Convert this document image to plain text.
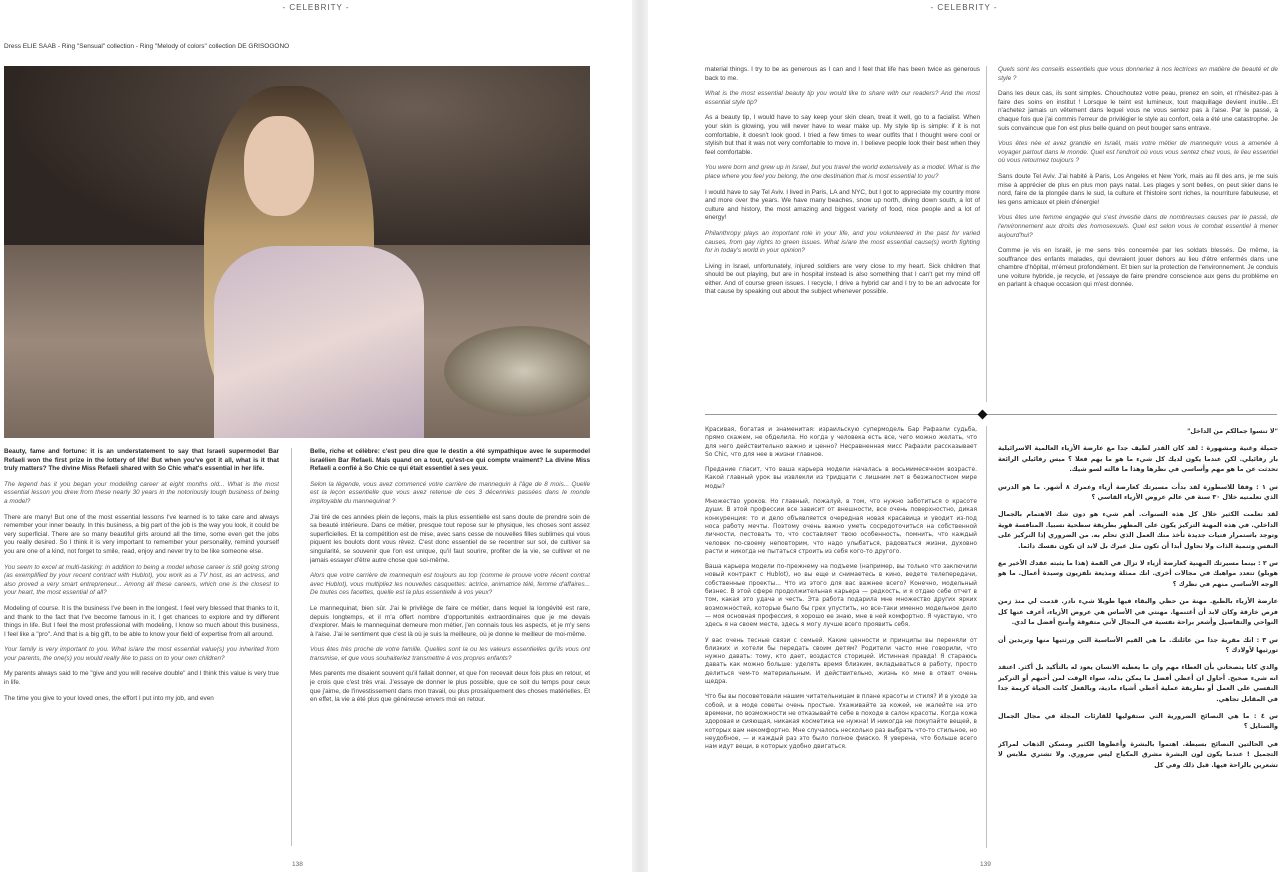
- CELEBRITY -
Dress ELIE SAAB - Ring "Sensual" collection - Ring "Melody of colors" collection DE GRISOGONO

Beauty, fame and fortune: it is an understatement to say that Israeli supermodel Bar Refaeli won the first prize in the lottery of life! But when you've got it all, what is it that truly matters? The divine Miss Refaeli shared with So Chic what's essential in her life.

The legend has it you began your modelling career at eight months old... What is the most essential lesson you drew from these nearly 30 years in the notoriously tough business of being a model?

There are many! But one of the most essential lessons I've learned is to take care and always remember your inner beauty. In this business, a big part of the job is the way you look, it could be very superficial. There are so many beautiful girls around all the time, some even get the jobs you really desired. So I think it is very important to remember your personality, remind yourself you are one of a kind, not forget to smile, read, enjoy and never try to be like someone else.

You seem to excel at multi-tasking: in addition to being a model whose career is still going strong (as exemplified by your recent contract with Hublot), you work as a TV host, as an actress, and also proved a very smart entrepreneur... Among all these careers, which one is the closest to your heart, the most essential of all?

Modeling of course. It is the business I've been in the longest. I feel very blessed that thanks to it, and thank to the fact that I've become famous in it, I get chances to explore and try different things in life. But I feel the most professional with modeling, I know so much about this business, I feel like a "pro". And that is a big gift, to be able to know your field of expertise from all around.

Your family is very important to you. What is/are the most essential value(s) you inherited from your parents, the one(s) you would really like to pass on to your own children?

My parents always said to me "give and you will receive double" and I think this value is very true in life.

The time you give to your loved ones, the effort I put into my job, and even

Belle, riche et célèbre: c'est peu dire que le destin a été sympathique avec le supermodel israélien Bar Refaeli. Mais quand on a tout, qu'est-ce qui compte vraiment? La divine Miss Refaeli a confié à So Chic ce qui était essentiel à ses yeux.

Selon la légende, vous avez commencé votre carrière de mannequin à l'âge de 8 mois... Quelle est la leçon essentielle que vous avez retenue de ces 3 décennies passées dans le monde impitoyable du mannequinat ?

J'ai tiré de ces années plein de leçons, mais la plus essentielle est sans doute de prendre soin de sa beauté intérieure. Dans ce métier, presque tout repose sur le physique, les choses sont assez superficielles. Et la compétition est de mise, avec sans cesse de nouvelles filles sublimes qui vous piquent les boulots dont vous rêvez. C'est donc essentiel de se recentrer sur soi, de cultiver sa singularité, se souvenir que l'on est unique, qu'il faut sourire, profiter de la vie, se cultiver et ne jamais essayer d'être autre chose que soi-même.

Alors que votre carrière de mannequin est toujours au top (comme le prouve votre récent contrat avec Hublot), vous multipliez les nouvelles casquettes: actrice, animatrice télé, femme d'affaires... De toutes ces facettes, quelle est la plus essentielle à vos yeux?

Le mannequinat, bien sûr. J'ai le privilège de faire ce métier, dans lequel la longévité est rare, depuis longtemps, et il m'a offert nombre d'opportunités extraordinaires que je me devais d'explorer. Mais le mannequinat demeure mon métier, j'en connais tous les aspects, et je m'y sens à l'aise. J'ai le sentiment que c'est là où je suis la meilleure, où je donne le meilleur de moi-même.

Vous êtes très proche de votre famille. Quelles sont la ou les valeurs essentielles qu'ils vous ont transmise, et que vous souhaiteriez transmettre à vos propres enfants?

Mes parents me disaient souvent qu'il fallait donner, et que l'on recevait deux fois plus en retour, et je crois que c'est très vrai. J'essaye de donner le plus possible, que ce soit du temps pour ceux que j'aime, de l'investissement dans mon travail, ou plus prosaïquement des choses matérielles. Et en effet, la vie a été plus que généreuse envers moi en retour.

138
- CELEBRITY -

material things. I try to be as generous as I can and I feel that life has been twice as generous back to me.

What is the most essential beauty tip you would like to share with our readers? And the most essential style tip?

As a beauty tip, I would have to say keep your skin clean, treat it well, go to a facialist. When your skin is glowing, you will never have to wear make up. My style tip is simple: if it is not comfortable, it doesn't look good. I tried a few times to wear outfits that I thought were cool or stylish but that it was not very comfortable to move in. I believe people look their best when they feel comfortable.

You were born and grew up in Israel, but you travel the world extensively as a model. What is the place where you feel you belong, the one destination that is most essential to you?

I would have to say Tel Aviv. I lived in Paris, LA and NYC, but I got to appreciate my country more and more over the years. We have many beaches, snow up north, diving down south, a lot of culture and history, the most amazing and biggest variety of food, nice people and a lot of energy!

Philanthropy plays an important role in your life, and you volunteered in the past for varied causes, from gay rights to green issues. What is/are the most essential cause(s) worth fighting for in today's world in your opinion?

Living in Israel, unfortunately, injured soldiers are very close to my heart. Sick children that should be out playing, but are in hospital instead is also something that I can't get my mind off either. And of course green issues. I recycle, I drive a hybrid car and I try to be an advocate for that cause by speaking out about the subject whenever possible.

Quels sont les conseils essentiels que vous donneriez à nos lectrices en matière de beauté et de style ?

Dans les deux cas, ils sont simples. Chouchoutez votre peau, prenez en soin, et n'hésitez-pas à faire des soins en institut ! Lorsque le teint est lumineux, tout maquillage devient inutile...Et n'achetez jamais un vêtement dans lequel vous ne vous sentez pas à l'aise. Par le passé, à chaque fois que j'ai commis l'erreur de privilégier le style au confort, cela a été une catastrophe. Je suis convaincue que l'on est plus belle quand on peut bouger sans entrave.

Vous êtes née et avez grandie en Israël, mais votre métier de mannequin vous a amenée à voyager partout dans le monde. Quel est l'endroit où vous vous sentez chez vous, le lieu essentiel où vous retournez toujours ?

Sans doute Tel Aviv. J'ai habité à Paris, Los Angeles et New York, mais au fil des ans, je me suis mise à apprécier de plus en plus mon pays natal. Les plages y sont belles, on peut skier dans le nord, faire de la plongée dans le sud, la culture et l'histoire sont riches, la nourriture fabuleuse, et les gens amicaux et plein d'énergie!

Vous êtes une femme engagée qui s'est investie dans de nombreuses causes par le passé, de l'environnement aux droits des homosexuels. Quel est selon vous le combat essentiel à mener aujourd'hui?

Comme je vis en Israël, je me sens très concernée par les soldats blessés. De même, la souffrance des enfants malades, qui devraient jouer dehors au lieu d'être enfermés dans une chambre d'hôpital, m'émeut profondément. Et bien sur la protection de l'environnement. Je conduis une voiture hybride, je recycle, et j'essaye de faire prendre conscience aux gens du problème en en parlant à chaque occasion qui m'est donnée.

Красивая, богатая и знаменитая: израильскую супермодель Бар Рафаэли судьба, прямо скажем, не обделила. Но когда у человека есть все, чего можно желать, что для него действительно важно и ценно? Несравненная мисс Рафаэли рассказывает So Chic, что для нее в жизни главное.

Предание гласит, что ваша карьера модели началась в восьмимесячном возрасте. Какой главный урок вы извлекли из тридцати с лишним лет в безжалостном мире моды?

Множество уроков. Но главный, пожалуй, в том, что нужно заботиться о красоте души. В этой профессии все зависит от внешности, все очень поверхностно, дикая конкуренция: то и дело объявляется очередная новая красавица и уводит из-под носа работу мечты. Поэтому очень важно уметь сосредоточиться на собственной личности, пестовать то, что составляет твою особенность, помнить, что каждый человек по-своему неповторим, что надо улыбаться, радоваться жизни, духовно расти и никогда не пытаться строить из себя кого-то другого.

Ваша карьера модели по-прежнему на подъеме (например, вы только что заключили новый контракт с Hublot), но вы еще и снимаетесь в кино, ведете телепередачи, собственные проекты... Что из этого для вас важнее всего? Конечно, модельный бизнес. В этой сфере продолжительная карьера — редкость, и я отдаю себе отчет в том, какая это удача и честь. Эта работа подарила мне множество других ярких возможностей, которые было бы грех упустить, но все-таки именно модельное дело — моя основная профессия, я хорошо ее знаю, мне в ней комфортно. Я чувствую, что здесь я на своем месте, здесь я могу лучше всего проявить себя.

У вас очень тесные связи с семьей. Какие ценности и принципы вы переняли от близких и хотели бы передать своим детям? Родители часто мне говорили, что нужно давать: тому, кто дает, воздастся сторицей. Истинная правда! Я стараюсь давать как можно больше: уделять время близким, вкладываться в работу, просто делиться чем-то материальным. И действительно, жизнь ко мне в ответ очень щедра.

Что бы вы посоветовали нашим читательницам в плане красоты и стиля? И в уходе за собой, и в моде советы очень простые. Ухаживайте за кожей, не жалейте на это времени, по возможности не отказывайте себе в походе в салон красоты. Когда кожа здоровая и сияющая, никакая косметика не нужна! И никогда не покупайте вещей, в которых вам некомфортно. Мне случалось несколько раз выбрать что-то стильное, но неудобное, — и каждый раз это было полное фиаско. Я уверена, что больше всего нам идут вещи, в которых удобно двигаться.

"لا تنسوا جمالكم من الداخل"

جميلة وغنية ومشهورة : لقد كان القدر لطيف جدا مع عارضة الأزياء العالمية الاسرائيلية بار رفائيلي. لكن عندما يكون لديك كل شيء ما هو ما يهم فعلا ؟ ميس رفائيلي الرائعة تحدثت عن ما هو مهم وأساسي في نظرها وهذا ما قالته لسو شيك.

س ١ : وفقا للاسطورة لقد بدأت مسيرتك كعارضة أزياء وعمرك ٨ أشهر. ما هو الدرس الذي تعلمتيه خلال ٣٠ سنة في عالم عروض الأزياء القاسي ؟

لقد تعلمت الكثير خلال كل هذه السنوات. أهم شيء هو دون شك الاهتمام بالجمال الداخلي. في هذه المهنة التركيز يكون على المظهر بطريقة سطحية نسبيا. المنافسة قوية وتوجد باستمرار فتيات جديدة تأخذ منك العمل الذي تحلم به. من الضروري إذا التركيز على النفس وتنمية الذات ولا تحاول أبدا أن تكون مثل غيرك بل لابد ان تكون نفسك دائما.

س ٢ : بينما مسيرتك المهنية كعارضة أزياء لا تزال في القمة (هذا ما يثبته عقدك الأخير مع هوبلو) تتعدد مواهبك في مجالات أخرى. انك ممثلة ومذيعة تلفزيون وسيدة أعمال. ما هو الوجه الأساسي منهم في نظرك ؟

عارضة الأزياء بالطبع. مهنة من حظي والبقاء فيها طويلا شيء نادر. قدمت لي منذ زمن فرص خارقة وكان لابد أن أغتنمها. مهنتي في الأساس هي عروض الأزياء، أعرف عنها كل النواحي والتفاصيل وأشعر براحة نفسية في المجال لأني متفوقة وأمنح أفضل ما لدي.

س ٣ : انك مقربة جدا من عائلتك. ما هي القيم الأساسية التي ورثتيها منها وتريدين أن تورثيها لأولادك ؟

والدي كانا يتصحاني بأن العطاء مهم وان ما يعطيه الانسان يعود له بالتأكيد بل أكثر. اعتقد انه شيء صحيح. أحاول ان أعطي أفضل ما يمكن بذله، سواء الوقت لمن أحبهم أو التركيز النفسي على العمل أو بطريقة عملية أعطي أشياء مادية، وبالفعل كانت الحياة كريمة جدا في المقابل تجاهي.

س ٤ : ما هي النصائح الضرورية التي ستقوليها للقارئات المجلة في مجال الجمال والستايل ؟

في الحالتين النصائح بسيطة. اهتموا بالبشرة وأعطوها الكثير ومسكن الذهاب لمراكز التجميل ! عندما يكون لون البشرة مشرق المكياج ليس ضروري. ولا تشتري ملابس لا تشعرين بالراحة فيها. قبل ذلك وفي كل

139
